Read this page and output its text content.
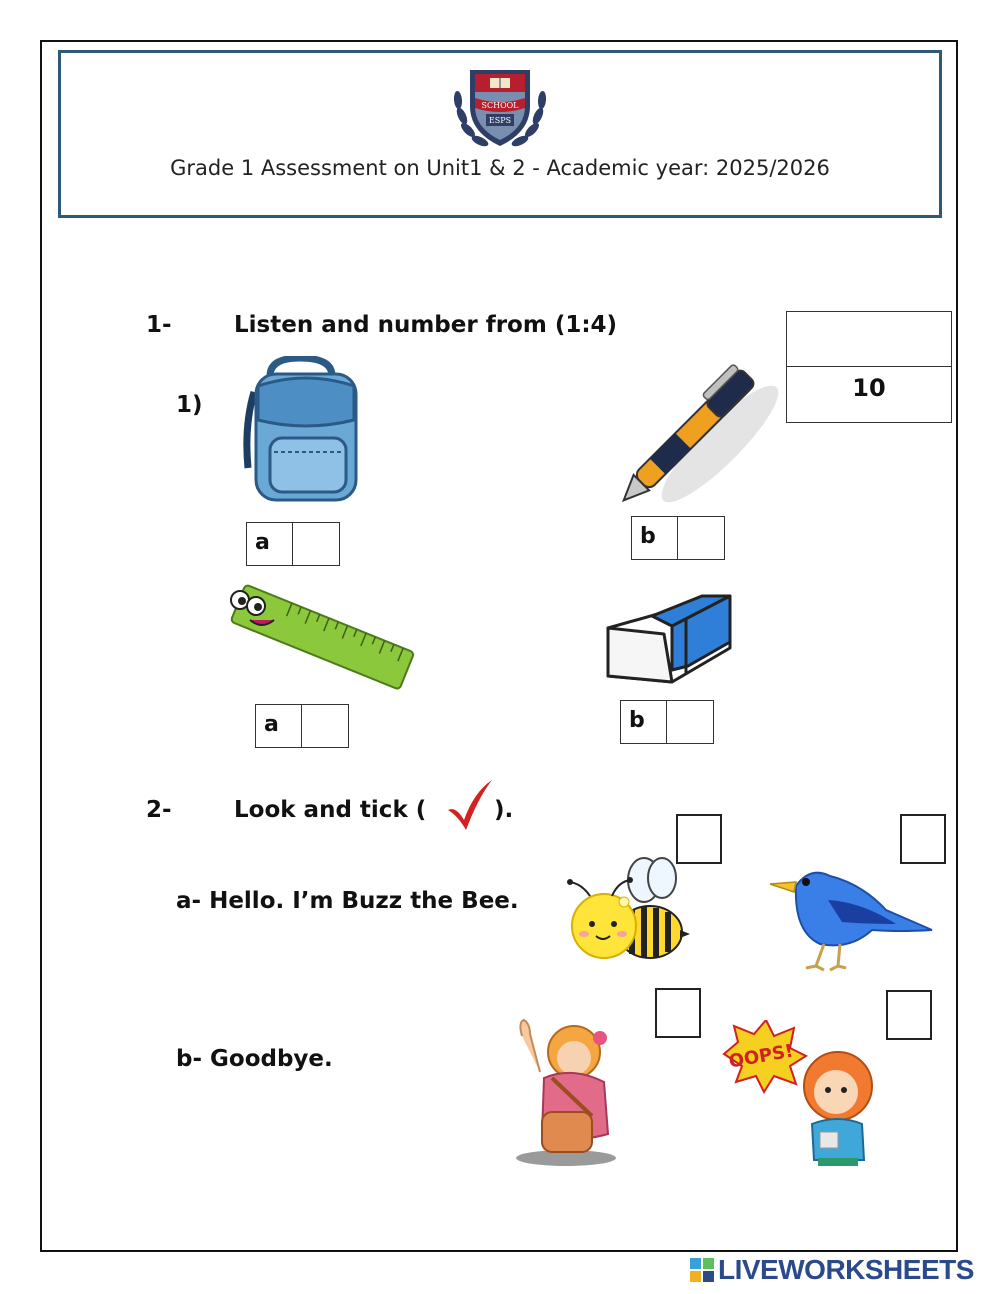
SCHOOL
ESPS
Grade 1 Assessment on Unit1 & 2 - Academic year: 2025/2026
10
1-	Listen and number from (1:4)
1)
a	b
a	b
2-	Look and tick (	).
a- Hello. I’m Buzz the Bee.
b- Goodbye.	OOPS!
LIVEWORKSHEETS
